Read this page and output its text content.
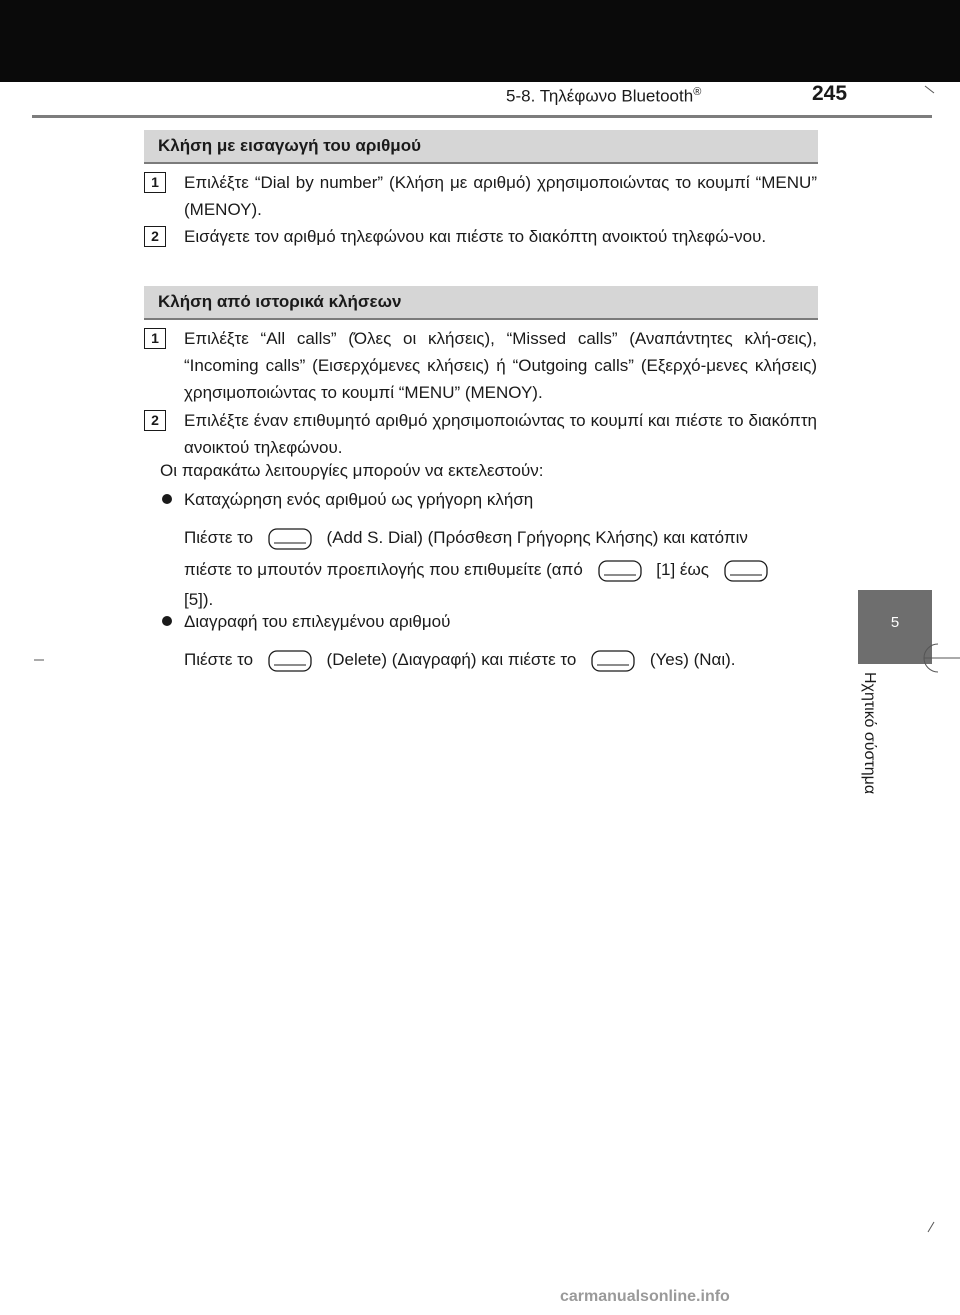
5-8. Τηλέφωνο Bluetooth®	245
5
Ηχητικό σύστημα
Κλήση με εισαγωγή του αριθμού
1	Επιλέξτε “Dial by number” (Κλήση με αριθμό) χρησιμοποιώντας το κουμπί “MENU” (ΜΕΝΟΥ).
2	Εισάγετε τον αριθμό τηλεφώνου και πιέστε το διακόπτη ανοικτού τηλεφώ-νου.
Κλήση από ιστορικά κλήσεων
1	Επιλέξτε “All calls” (Όλες οι κλήσεις), “Missed calls” (Αναπάντητες κλή-σεις), “Incoming calls” (Εισερχόμενες κλήσεις) ή “Outgoing calls” (Εξερχό-μενες κλήσεις) χρησιμοποιώντας το κουμπί “MENU” (ΜΕΝΟΥ).
2	Επιλέξτε έναν επιθυμητό αριθμό χρησιμοποιώντας το κουμπί και πιέστε το διακόπτη ανοικτού τηλεφώνου.
Οι παρακάτω λειτουργίες μπορούν να εκτελεστούν:
Καταχώρηση ενός αριθμού ως γρήγορη κλήση
Πιέστε το	(Add S. Dial) (Πρόσθεση Γρήγορης Κλήσης) και κατόπιν
πιέστε το μπουτόν προεπιλογής που επιθυμείτε (από	[1] έως
[5]).
Διαγραφή του επιλεγμένου αριθμού
Πιέστε το	(Delete) (Διαγραφή) και πιέστε το	(Yes) (Ναι).
carmanualsonline.info
